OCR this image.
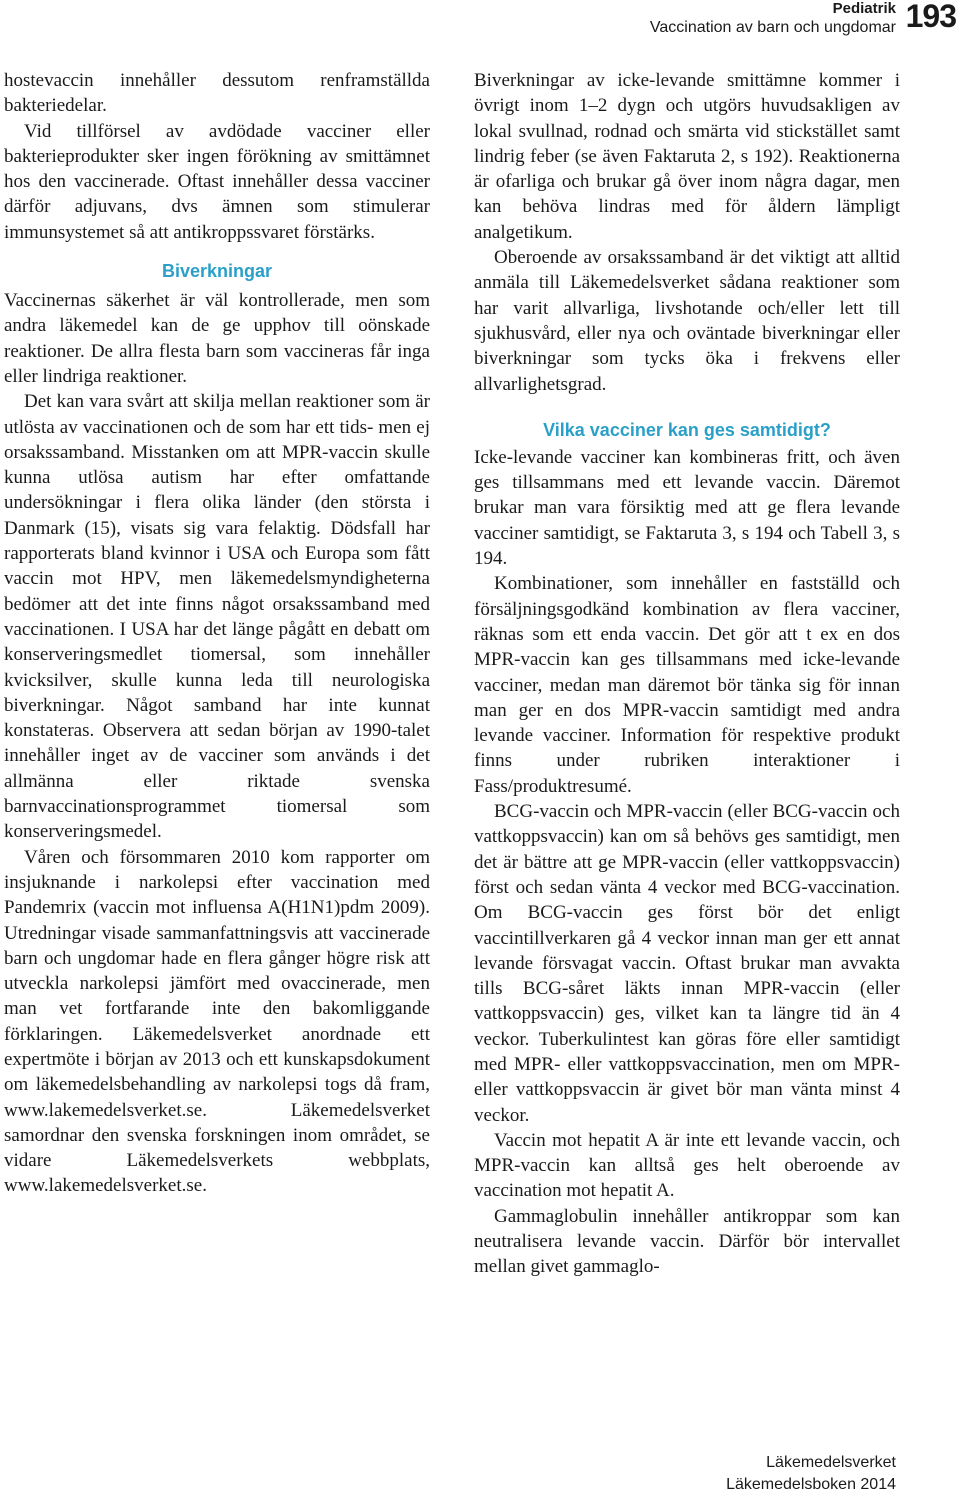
Pediatrik
Vaccination av barn och ungdomar 193

hostevaccin innehåller dessutom renframställda bakteriedelar.

Vid tillförsel av avdödade vacciner eller bakterieprodukter sker ingen förökning av smittämnet hos den vaccinerade. Oftast innehåller dessa vacciner därför adjuvans, dvs ämnen som stimulerar immunsystemet så att antikroppssvaret förstärks.

Biverkningar

Vaccinernas säkerhet är väl kontrollerade, men som andra läkemedel kan de ge upphov till oönskade reaktioner. De allra flesta barn som vaccineras får inga eller lindriga reaktioner.

Det kan vara svårt att skilja mellan reaktioner som är utlösta av vaccinationen och de som har ett tids- men ej orsakssamband. Misstanken om att MPR-vaccin skulle kunna utlösa autism har efter omfattande undersökningar i flera olika länder (den största i Danmark (15), visats sig vara felaktig. Dödsfall har rapporterats bland kvinnor i USA och Europa som fått vaccin mot HPV, men läkemedelsmyndigheterna bedömer att det inte finns något orsakssamband med vaccinationen. I USA har det länge pågått en debatt om konserveringsmedlet tiomersal, som innehåller kvicksilver, skulle kunna leda till neurologiska biverkningar. Något samband har inte kunnat konstateras. Observera att sedan början av 1990-talet innehåller inget av de vacciner som används i det allmänna eller riktade svenska barnvaccinationsprogrammet tiomersal som konserveringsmedel.

Våren och försommaren 2010 kom rapporter om insjuknande i narkolepsi efter vaccination med Pandemrix (vaccin mot influensa A(H1N1)pdm 2009). Utredningar visade sammanfattningsvis att vaccinerade barn och ungdomar hade en flera gånger högre risk att utveckla narkolepsi jämfört med ovaccinerade, men man vet fortfarande inte den bakomliggande förklaringen. Läkemedelsverket anordnade ett expertmöte i början av 2013 och ett kunskapsdokument om läkemedelsbehandling av narkolepsi togs då fram, www.lakemedelsverket.se. Läkemedelsverket samordnar den svenska forskningen inom området, se vidare Läkemedelsverkets webbplats, www.lakemedelsverket.se.

Biverkningar av icke-levande smittämne kommer i övrigt inom 1–2 dygn och utgörs huvudsakligen av lokal svullnad, rodnad och smärta vid stickstället samt lindrig feber (se även Faktaruta 2, s 192). Reaktionerna är ofarliga och brukar gå över inom några dagar, men kan behöva lindras med för åldern lämpligt analgetikum.

Oberoende av orsakssamband är det viktigt att alltid anmäla till Läkemedelsverket sådana reaktioner som har varit allvarliga, livshotande och/eller lett till sjukhusvård, eller nya och oväntade biverkningar eller biverkningar som tycks öka i frekvens eller allvarlighetsgrad.

Vilka vacciner kan ges samtidigt?

Icke-levande vacciner kan kombineras fritt, och även ges tillsammans med ett levande vaccin. Däremot brukar man vara försiktig med att ge flera levande vacciner samtidigt, se Faktaruta 3, s 194 och Tabell 3, s 194.

Kombinationer, som innehåller en fastställd och försäljningsgodkänd kombination av flera vacciner, räknas som ett enda vaccin. Det gör att t ex en dos MPR-vaccin kan ges tillsammans med icke-levande vacciner, medan man däremot bör tänka sig för innan man ger en dos MPR-vaccin samtidigt med andra levande vacciner. Information för respektive produkt finns under rubriken interaktioner i Fass/produktresumé.

BCG-vaccin och MPR-vaccin (eller BCG-vaccin och vattkoppsvaccin) kan om så behövs ges samtidigt, men det är bättre att ge MPR-vaccin (eller vattkoppsvaccin) först och sedan vänta 4 veckor med BCG-vaccination. Om BCG-vaccin ges först bör det enligt vaccintillverkaren gå 4 veckor innan man ger ett annat levande försvagat vaccin. Oftast brukar man avvakta tills BCG-såret läkts innan MPR-vaccin (eller vattkoppsvaccin) ges, vilket kan ta längre tid än 4 veckor. Tuberkulintest kan göras före eller samtidigt med MPR- eller vattkoppsvaccination, men om MPR- eller vattkoppsvaccin är givet bör man vänta minst 4 veckor.

Vaccin mot hepatit A är inte ett levande vaccin, och MPR-vaccin kan alltså ges helt oberoende av vaccination mot hepatit A.

Gammaglobulin innehåller antikroppar som kan neutralisera levande vaccin. Därför bör intervallet mellan givet gammaglo-

Läkemedelsverket
Läkemedelsboken 2014
